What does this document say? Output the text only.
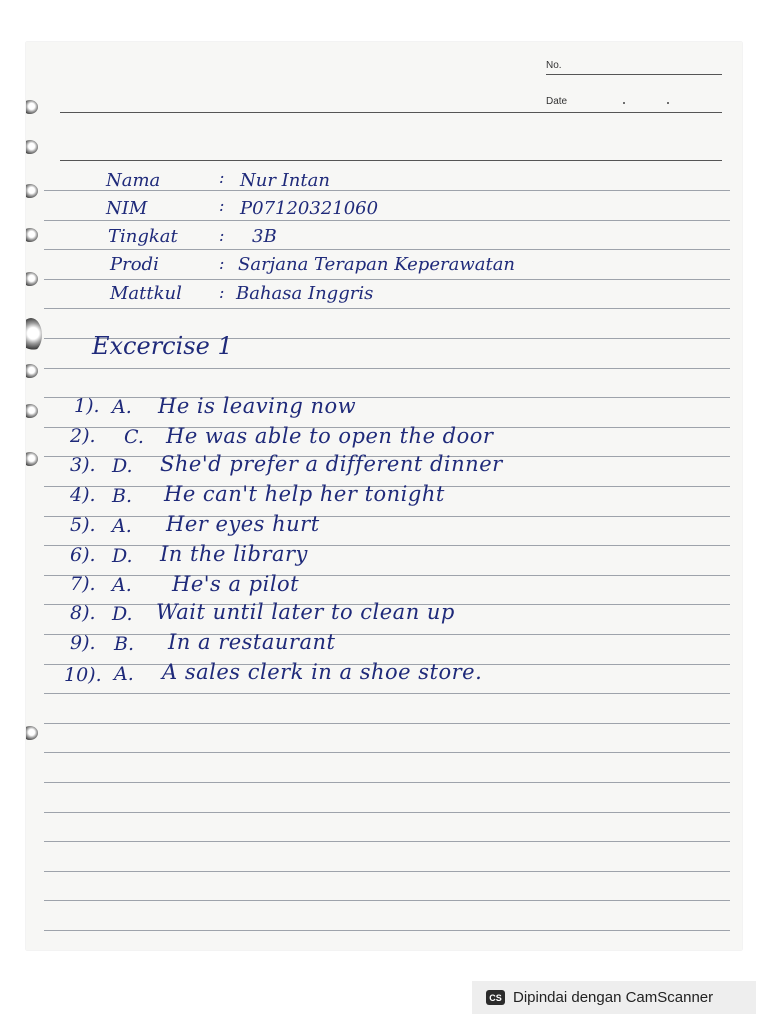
No.
Date
Nama	: Nur Intan
NIM	: P07120321060
Tingkat	: 3B
Prodi	: Sarjana Terapan Keperawatan
Mattkul : Bahasa Inggris
Excercise 1
1). A. He is leaving now
2). C. He was able to open the door
3). D. She'd prefer a different dinner
4). B. He can't help her tonight
5). A. Her eyes hurt
6). D. In the library
7). A. He's a pilot
8). D. Wait until later to clean up
9). B. In a restaurant
10). A. A sales clerk in a shoe store.
CS Dipindai dengan CamScanner
